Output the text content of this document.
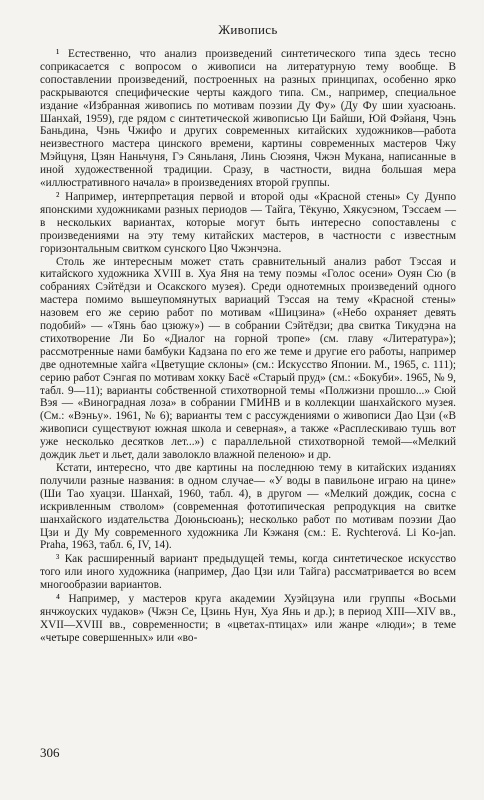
Живопись

¹ Естественно, что анализ произведений синтетического типа здесь тесно соприкасается с вопросом о живописи на литературную тему вообще. В сопоставлении произведений, построенных на разных принципах, особенно ярко раскрываются специфические черты каждого типа. См., например, специальное издание «Избранная живопись по мотивам поэзии Ду Фу» (Ду Фу шии хуасюань. Шанхай, 1959), где рядом с синтетической живописью Ци Байши, Юй Фэйаня, Чэнь Баньдина, Чэнь Чжифо и других современных китайских художников—работа неизвестного мастера цинского времени, картины современных мастеров Чжу Мэйцуня, Цзян Наньчуня, Гэ Сяньланя, Линь Сюэяня, Чжэн Мукана, написанные в иной художественной традиции. Сразу, в частности, видна большая мера «иллюстративного начала» в произведениях второй группы.

² Например, интерпретация первой и второй оды «Красной стены» Су Дунпо японскими художниками разных периодов — Тайга, Тёкуню, Хякусэном, Тэссаем — в нескольких вариантах, которые могут быть интересно сопоставлены с произведениями на эту тему китайских мастеров, в частности с известным горизонтальным свитком сунского Цяо Чжэнчэна.

Столь же интересным может стать сравнительный анализ работ Тэссая и китайского художника XVIII в. Хуа Яня на тему поэмы «Голос осени» Оуян Сю (в собраниях Сэйтёдзи и Осакского музея). Среди однотемных произведений одного мастера помимо вышеупомянутых вариаций Тэссая на тему «Красной стены» назовем его же серию работ по мотивам «Шицзина» («Небо охраняет девять подобий» — «Тянь бао цзюжу») — в собрании Сэйтёдзи; два свитка Тикудэна на стихотворение Ли Бо «Диалог на горной тропе» (см. главу «Литература»); рассмотренные нами бамбуки Кадзана по его же теме и другие его работы, например две однотемные хайга «Цветущие склоны» (см.: Искусство Японии. М., 1965, с. 111); серию работ Сэнгая по мотивам хокку Басё «Старый пруд» (см.: «Бокуби». 1965, № 9, табл. 9—11); варианты собственной стихотворной темы «Полжизни прошло...» Сюй Вэя — «Виноградная лоза» в собрании ГМИНВ и в коллекции шанхайского музея. (См.: «Вэньу». 1961, № 6); варианты тем с рассуждениями о живописи Дао Цзи («В живописи существуют южная школа и северная», а также «Расплескиваю тушь вот уже несколько десятков лет...») с параллельной стихотворной темой—«Мелкий дождик льет и льет, дали заволокло влажной пеленою» и др.

Кстати, интересно, что две картины на последнюю тему в китайских изданиях получили разные названия: в одном случае— «У воды в павильоне играю на цине» (Ши Тао хуацзи. Шанхай, 1960, табл. 4), в другом — «Мелкий дождик, сосна с искривленным стволом» (современная фототипическая репродукция на свитке шанхайского издательства Доюньсюань); несколько работ по мотивам поэзии Дао Цзи и Ду Му современного художника Ли Кэжаня (см.: E. Rychterová. Li Ko-jan. Praha, 1963, табл. 6, IV, 14).

³ Как расширенный вариант предыдущей темы, когда синтетическое искусство того или иного художника (например, Дао Цзи или Тайга) рассматривается во всем многообразии вариантов.

⁴ Например, у мастеров круга академии Хуэйцзуна или группы «Восьми янчжоуских чудаков» (Чжэн Се, Цзинь Нун, Хуа Янь и др.); в период XIII—XIV вв., XVII—XVIII вв., современности; в «цветах-птицах» или жанре «люди»; в теме «четыре совершенных» или «во-

306
